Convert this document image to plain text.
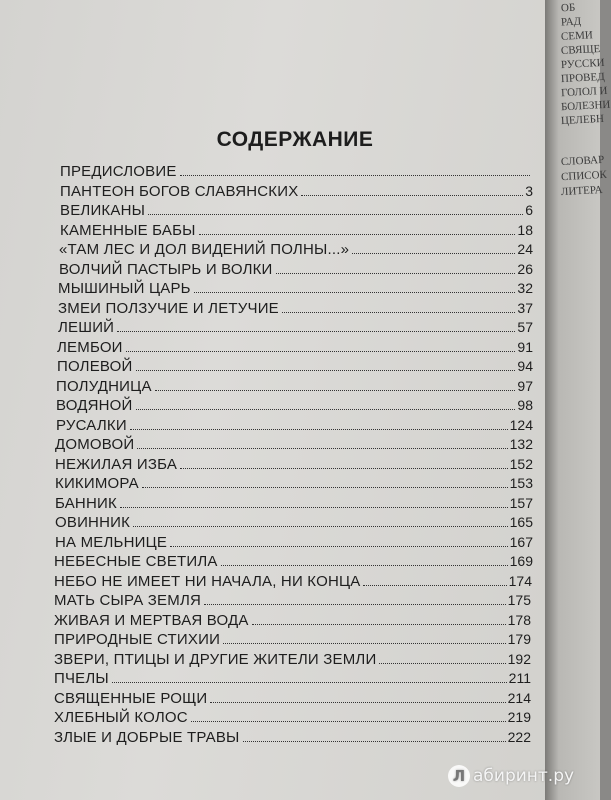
ОБ
РАД
СЕМИ
СВЯЩЕ
РУССКИ
ПРОВЕД
ГОЛОЛ И
БОЛЕЗНИ
ЦЕЛЕБН
СЛОВАР
СПИСОК
ЛИТЕРА
СОДЕРЖАНИЕ
ПРЕДИСЛОВИЕ
ПАНТЕОН БОГОВ СЛАВЯНСКИХ	3
ВЕЛИКАНЫ	6
КАМЕННЫЕ БАБЫ	18
«ТАМ ЛЕС И ДОЛ ВИДЕНИЙ ПОЛНЫ...»	24
ВОЛЧИЙ ПАСТЫРЬ И ВОЛКИ	26
МЫШИНЫЙ ЦАРЬ	32
ЗМЕИ ПОЛЗУЧИЕ И ЛЕТУЧИЕ	37
ЛЕШИЙ	57
ЛЕМБОИ	91
ПОЛЕВОЙ	94
ПОЛУДНИЦА	97
ВОДЯНОЙ	98
РУСАЛКИ	124
ДОМОВОЙ	132
НЕЖИЛАЯ ИЗБА	152
КИКИМОРА	153
БАННИК	157
ОВИННИК	165
НА МЕЛЬНИЦЕ	167
НЕБЕСНЫЕ СВЕТИЛА	169
НЕБО НЕ ИМЕЕТ НИ НАЧАЛА, НИ КОНЦА	174
МАТЬ СЫРА ЗЕМЛЯ	175
ЖИВАЯ И МЕРТВАЯ ВОДА	178
ПРИРОДНЫЕ СТИХИИ	179
ЗВЕРИ, ПТИЦЫ И ДРУГИЕ ЖИТЕЛИ ЗЕМЛИ	192
ПЧЕЛЫ	211
СВЯЩЕННЫЕ РОЩИ	214
ХЛЕБНЫЙ КОЛОС	219
ЗЛЫЕ И ДОБРЫЕ ТРАВЫ	222
Л абиринт.ру
